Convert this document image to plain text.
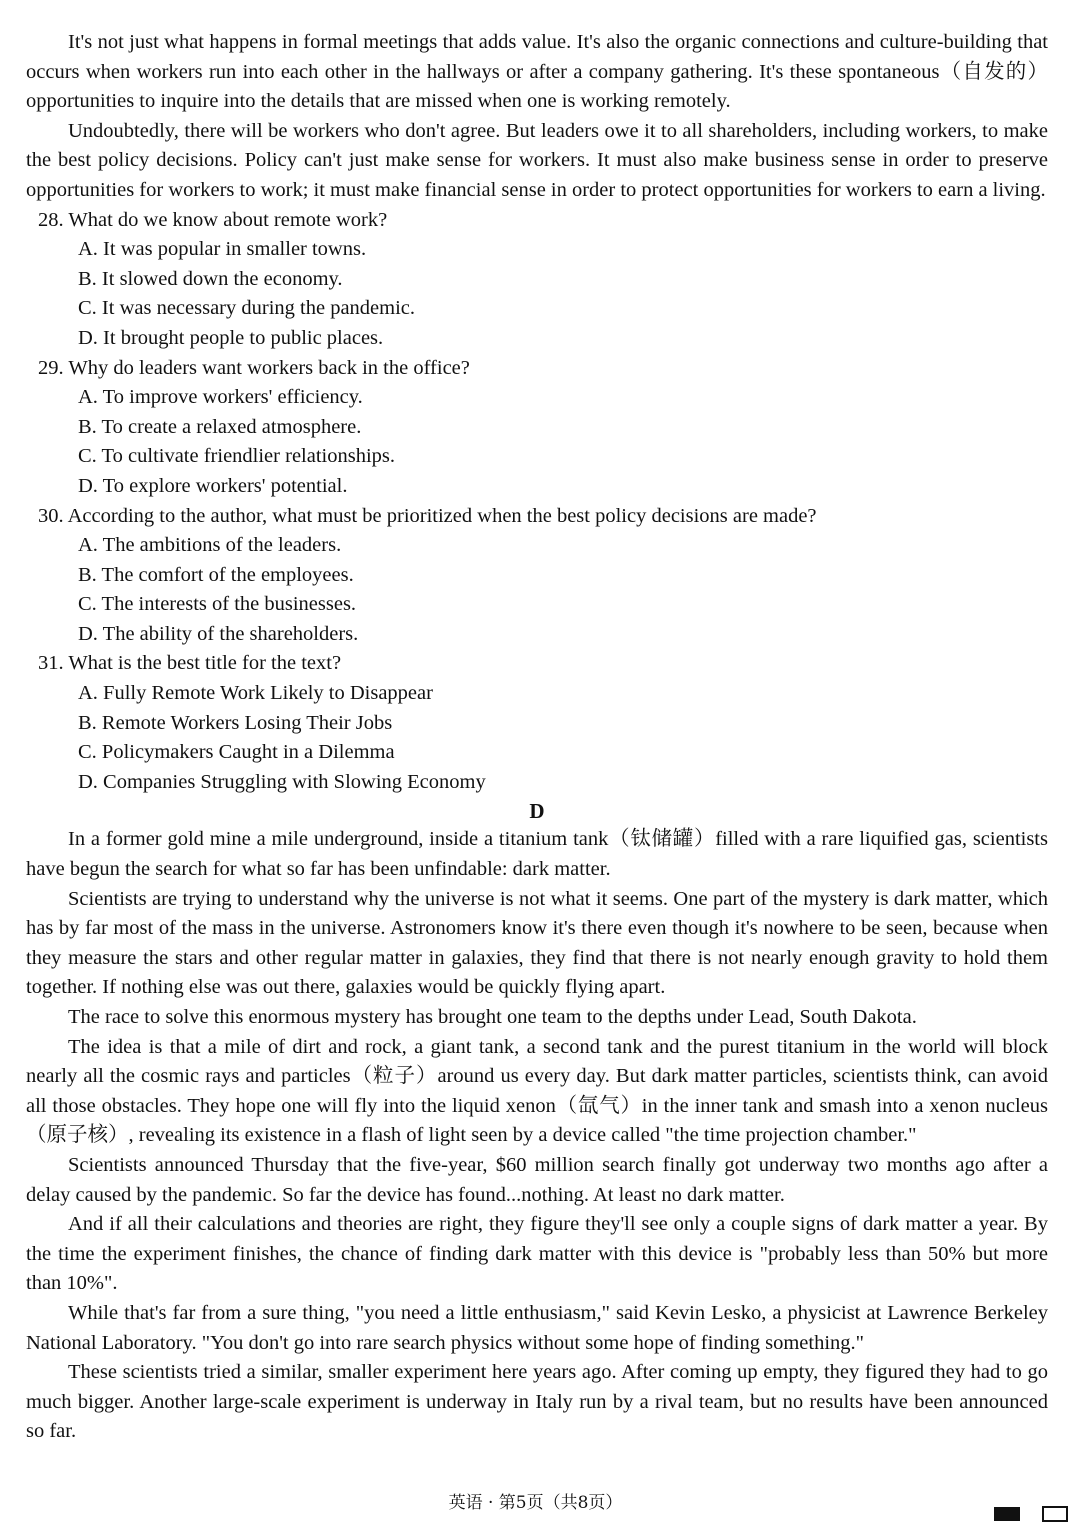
It's not just what happens in formal meetings that adds value. It's also the organic connections and culture-building that occurs when workers run into each other in the hallways or after a company gathering. It's these spontaneous（自发的）opportunities to inquire into the details that are missed when one is working remotely.

Undoubtedly, there will be workers who don't agree. But leaders owe it to all shareholders, including workers, to make the best policy decisions. Policy can't just make sense for workers. It must also make business sense in order to preserve opportunities for workers to work; it must make financial sense in order to protect opportunities for workers to earn a living.

28. What do we know about remote work?

A. It was popular in smaller towns.
B. It slowed down the economy.
C. It was necessary during the pandemic.
D. It brought people to public places.

29. Why do leaders want workers back in the office?

A. To improve workers' efficiency.
B. To create a relaxed atmosphere.
C. To cultivate friendlier relationships.
D. To explore workers' potential.

30. According to the author, what must be prioritized when the best policy decisions are made?

A. The ambitions of the leaders.
B. The comfort of the employees.
C. The interests of the businesses.
D. The ability of the shareholders.

31. What is the best title for the text?

A. Fully Remote Work Likely to Disappear
B. Remote Workers Losing Their Jobs
C. Policymakers Caught in a Dilemma
D. Companies Struggling with Slowing Economy

D

In a former gold mine a mile underground, inside a titanium tank（钛储罐）filled with a rare liquified gas, scientists have begun the search for what so far has been unfindable: dark matter.

Scientists are trying to understand why the universe is not what it seems. One part of the mystery is dark matter, which has by far most of the mass in the universe. Astronomers know it's there even though it's nowhere to be seen, because when they measure the stars and other regular matter in galaxies, they find that there is not nearly enough gravity to hold them together. If nothing else was out there, galaxies would be quickly flying apart.

The race to solve this enormous mystery has brought one team to the depths under Lead, South Dakota.

The idea is that a mile of dirt and rock, a giant tank, a second tank and the purest titanium in the world will block nearly all the cosmic rays and particles（粒子）around us every day. But dark matter particles, scientists think, can avoid all those obstacles. They hope one will fly into the liquid xenon（氙气）in the inner tank and smash into a xenon nucleus（原子核）, revealing its existence in a flash of light seen by a device called "the time projection chamber."

Scientists announced Thursday that the five-year, $60 million search finally got underway two months ago after a delay caused by the pandemic. So far the device has found...nothing. At least no dark matter.

And if all their calculations and theories are right, they figure they'll see only a couple signs of dark matter a year. By the time the experiment finishes, the chance of finding dark matter with this device is "probably less than 50% but more than 10%".

While that's far from a sure thing, "you need a little enthusiasm," said Kevin Lesko, a physicist at Lawrence Berkeley National Laboratory. "You don't go into rare search physics without some hope of finding something."

These scientists tried a similar, smaller experiment here years ago. After coming up empty, they figured they had to go much bigger. Another large-scale experiment is underway in Italy run by a rival team, but no results have been announced so far.

英语 · 第5页（共8页）
